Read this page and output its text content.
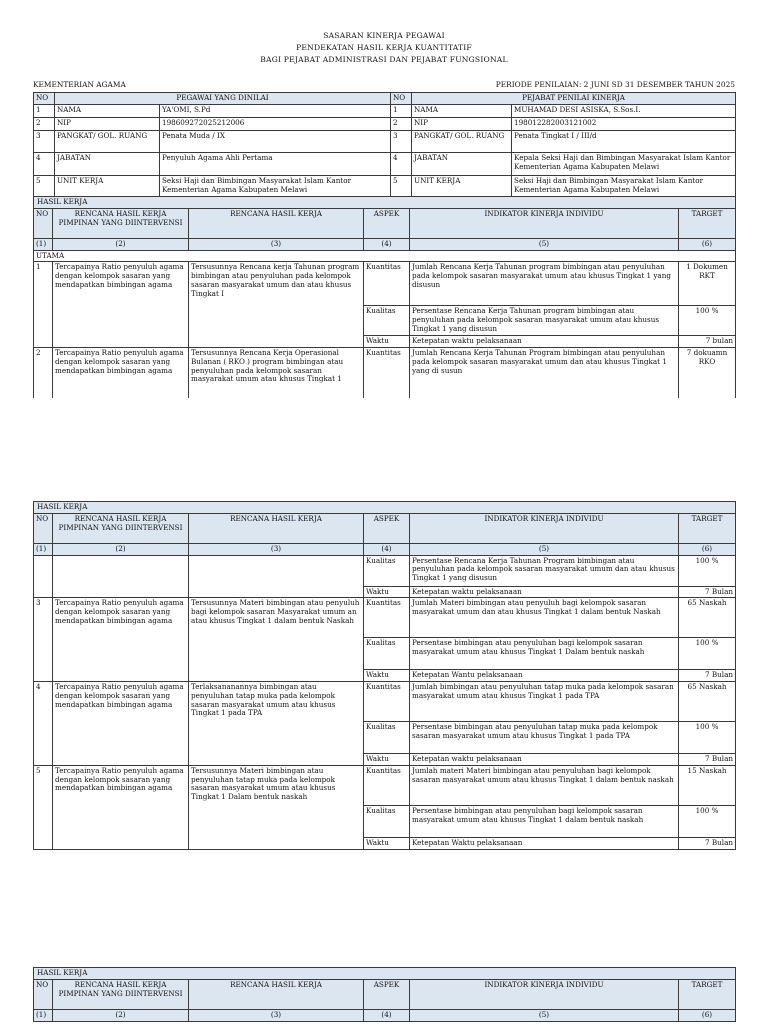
SASARAN KINERJA PEGAWAI
PENDEKATAN HASIL KERJA KUANTITATIF
BAGI PEJABAT ADMINISTRASI DAN PEJABAT FUNGSIONAL
KEMENTERIAN AGAMA	PERIODE PENILAIAN: 2 JUNI SD 31 DESEMBER TAHUN 2025
NO	PEGAWAI YANG DINILAI		NO	PEJABAT PENILAI KINERJA	
1	NAMA	YA'OMI, S.Pd	1	NAMA	MUHAMAD DESI ASISKA, S.Sos.I.
2	NIP	198609272025212006	2	NIP	198012282003121002
3	PANGKAT/ GOL. RUANG	Penata Muda / IX	3	PANGKAT/ GOL. RUANG	Penata Tingkat I / III/d
4	JABATAN	Penyuluh Agama Ahli Pertama	4	JABATAN	Kepala Seksi Haji dan Bimbingan Masyarakat Islam Kantor Kementerian Agama Kabupaten Melawi
5	UNIT KERJA	Seksi Haji dan Bimbingan Masyarakat Islam Kantor Kementerian Agama Kabupaten Melawi	5	UNIT KERJA	Seksi Haji dan Bimbingan Masyarakat Islam Kantor Kementerian Agama Kabupaten Melawi
HASIL KERJA					
NO	RENCANA HASIL KERJA PIMPINAN YANG DIINTERVENSI	RENCANA HASIL KERJA	ASPEK	INDIKATOR KINERJA INDIVIDU	TARGET
(1)	(2)	(3)	(4)	(5)	(6)
UTAMA					
1	Tercapainya Ratio penyuluh agama dengan kelompok sasaran yang mendapatkan bimbingan agama	Tersusunnya Rencana kerja Tahunan program bimbingan atau penyuluhan pada kelompok sasaran masyarakat umum dan atau khusus Tingkat I	Kuantitas	Jumlah Rencana Kerja Tahunan program bimbingan atau penyuluhan pada kelompok sasaran masyarakat umum atau khusus Tingkat 1 yang disusun	1 Dokumen RKT
			Kualitas	Persentase Rencana Kerja Tahunan program bimbingan atau penyuluhan pada kelompok sasaran masyarakat umum atau khusus Tingkat 1 yang disusun	100 %
			Waktu	Ketepatan waktu pelaksanaan	7 bulan
2	Tercapainya Ratio penyuluh agama dengan kelompok sasaran yang mendapatkan bimbingan agama	Tersusunnya Rencana Kerja Operasional Bulanan ( RKO ) program bimbingan atau penyuluhan pada kelompok sasaran masyarakat umum atau khusus Tingkat 1	Kuantitas	Jumlah Rencana Kerja Tahunan Program bimbingan atau penyuluhan pada kelompok sasaran masyarakat umum dan atau khusus Tingkat 1 yang di susun	7 dokuamn RKO
HASIL KERJA					
NO	RENCANA HASIL KERJA PIMPINAN YANG DIINTERVENSI	RENCANA HASIL KERJA	ASPEK	INDIKATOR KINERJA INDIVIDU	TARGET
(1)	(2)	(3)	(4)	(5)	(6)
			Kualitas	Persentase Rencana Kerja Tahunan Program bimbingan atau penyuluhan pada kelompok sasaran masyarakat umum dan atau khusus Tingkat 1 yang disusun	100 %
			Waktu	Ketepatan waktu pelaksanaan	7 Bulan
3	Tercapainya Ratio penyuluh agama dengan kelompok sasaran yang mendapatkan bimbingan agama	Tersusunnya Materi bimbingan atau penyuluh bagi kelompok sasaran Masyarakat umum an atau khusus Tingkat 1 dalam bentuk Naskah	Kuantitas	Jumlah Materi bimbingan atau penyuluh bagi kelompok sasaran masyarakat umum dan atau khusus Tingkat 1 dalam bentuk Naskah	65 Naskah
			Kualitas	Persentase bimbingan atau penyuluhan bagi kelompok sasaran masyarakat umum atau khusus Tingkat 1 Dalam bentuk naskah	100 %
			Waktu	Ketepatan Wantu pelaksanaan	7 Bulan
4	Tercapainya Ratio penyuluh agama dengan kelompok sasaran yang mendapatkan bimbingan agama	Terlaksananannya bimbingan atau penyuluhan tatap muka pada kelompok sasaran masyarakat umum atau khusus Tingkat 1 pada TPA	Kuantitas	Jumlah bimbingan atau penyuluhan tatap muka pada kelompok sasaran masyarakat umum atau khusus Tingkat 1 pada TPA	65 Naskah
			Kualitas	Persentase bimbingan atau penyuluhan tatap muka pada kelompok sasaran masyarakat umum atau khusus Tingkat 1 pada TPA	100 %
			Waktu	Ketepatan waktu pelaksanaan	7 Bulan
5	Tercapainya Ratio penyuluh agama dengan kelompok sasaran yang mendapatkan bimbingan agama	Tersusunnya Materi bimbingan atau penyuluhan tatap muka pada kelompok sasaran masyarakat umum atau khusus Tingkat 1 Dalam bentuk naskah	Kuantitas	Jumlah materi Materi bimbingan atau penyuluhan bagi kelompok sasaran masyarakat umum atau khusus Tingkat 1 dalam bentuk naskah	15 Naskah
			Kualitas	Persentase bimbingan atau penyuluhan bagi kelompok sasaran masyarakat umum atau khusus Tingkat 1 dalam bentuk naskah	100 %
			Waktu	Ketepatan Waktu pelaksanaan	7 Bulan
HASIL KERJA					
NO	RENCANA HASIL KERJA PIMPINAN YANG DIINTERVENSI	RENCANA HASIL KERJA	ASPEK	INDIKATOR KINERJA INDIVIDU	TARGET
(1)	(2)	(3)	(4)	(5)	(6)
